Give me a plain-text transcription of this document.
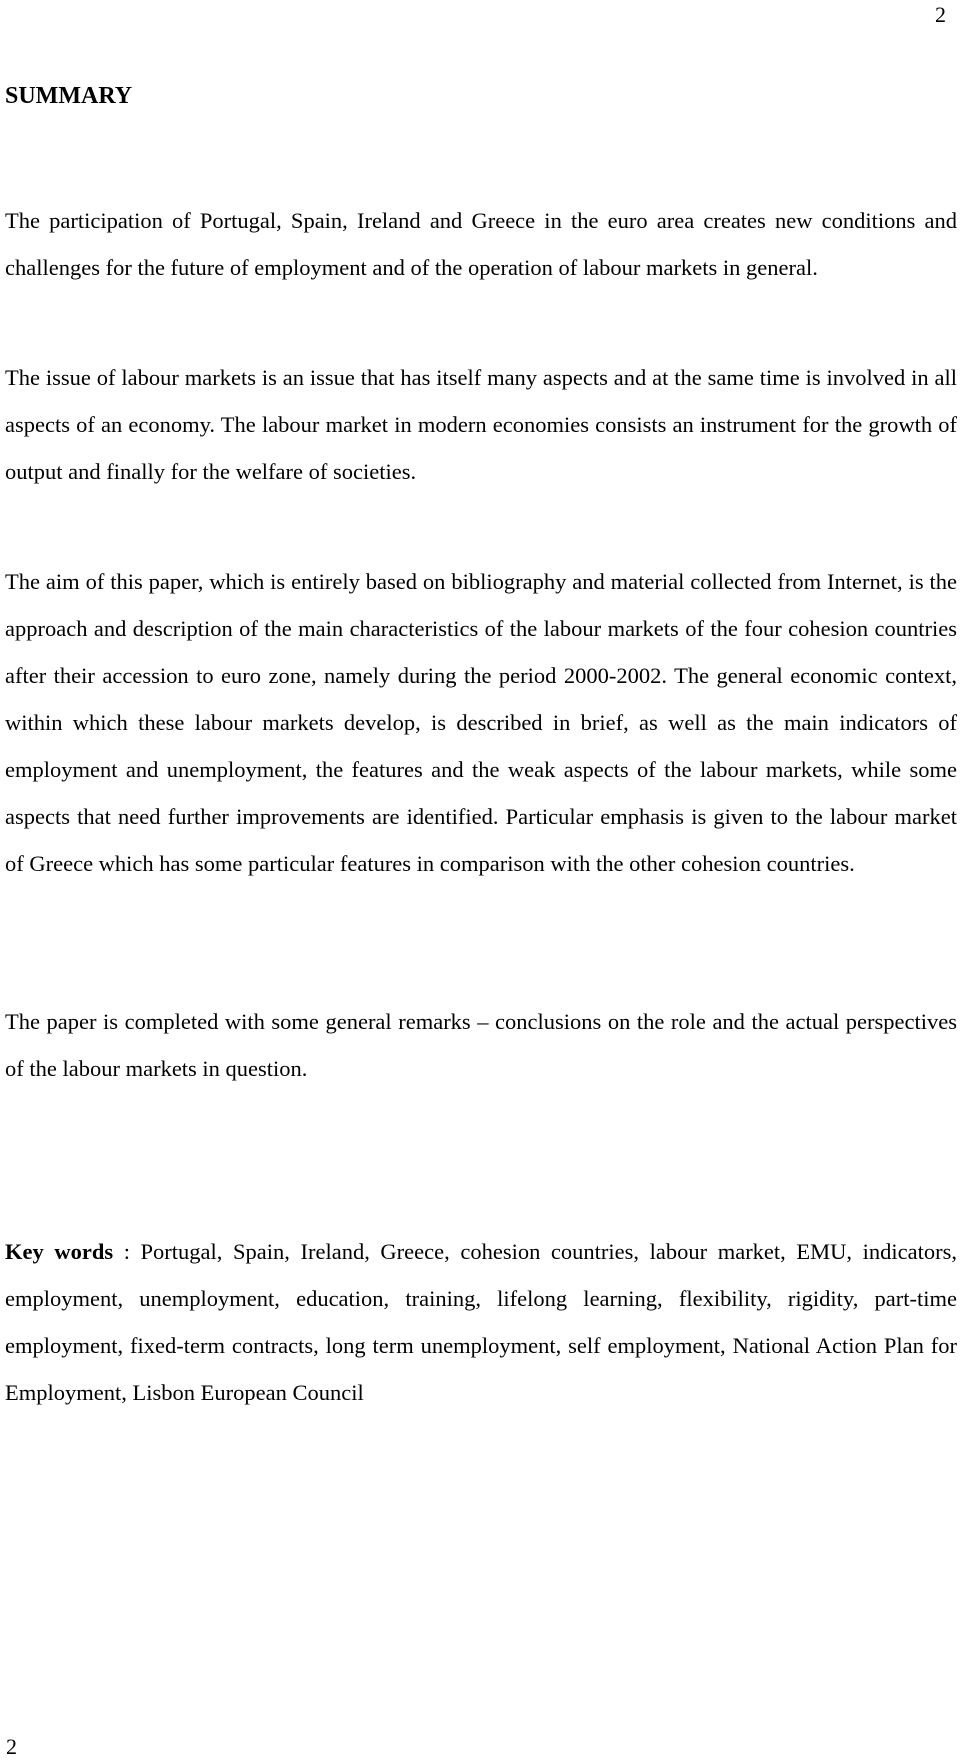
2
SUMMARY

The participation of Portugal, Spain, Ireland and Greece in the euro area creates new conditions and challenges for the future of employment and of the operation of labour markets in general.

The issue of labour markets is an issue that has itself many aspects and at the same time is involved in all aspects of an economy. The labour market in modern economies consists an instrument for the growth of output and finally for the welfare of societies.

The aim of this paper, which is entirely based on bibliography and material collected from Internet, is the approach and description of the main characteristics of the labour markets of the four cohesion countries after their accession to euro zone, namely during the period 2000-2002. The general economic context, within which these labour markets develop, is described in brief, as well as the main indicators of employment and unemployment, the features and the weak aspects of the labour markets, while some aspects that need further improvements are identified. Particular emphasis is given to the labour market of Greece which has some particular features in comparison with the other cohesion countries.

The paper is completed with some general remarks – conclusions on the role and the actual perspectives of the labour markets in question.

Key words : Portugal, Spain, Ireland, Greece, cohesion countries, labour market, EMU, indicators, employment, unemployment, education, training, lifelong learning, flexibility, rigidity, part-time employment, fixed-term contracts, long term unemployment, self employment, National Action Plan for Employment, Lisbon European Council

2
